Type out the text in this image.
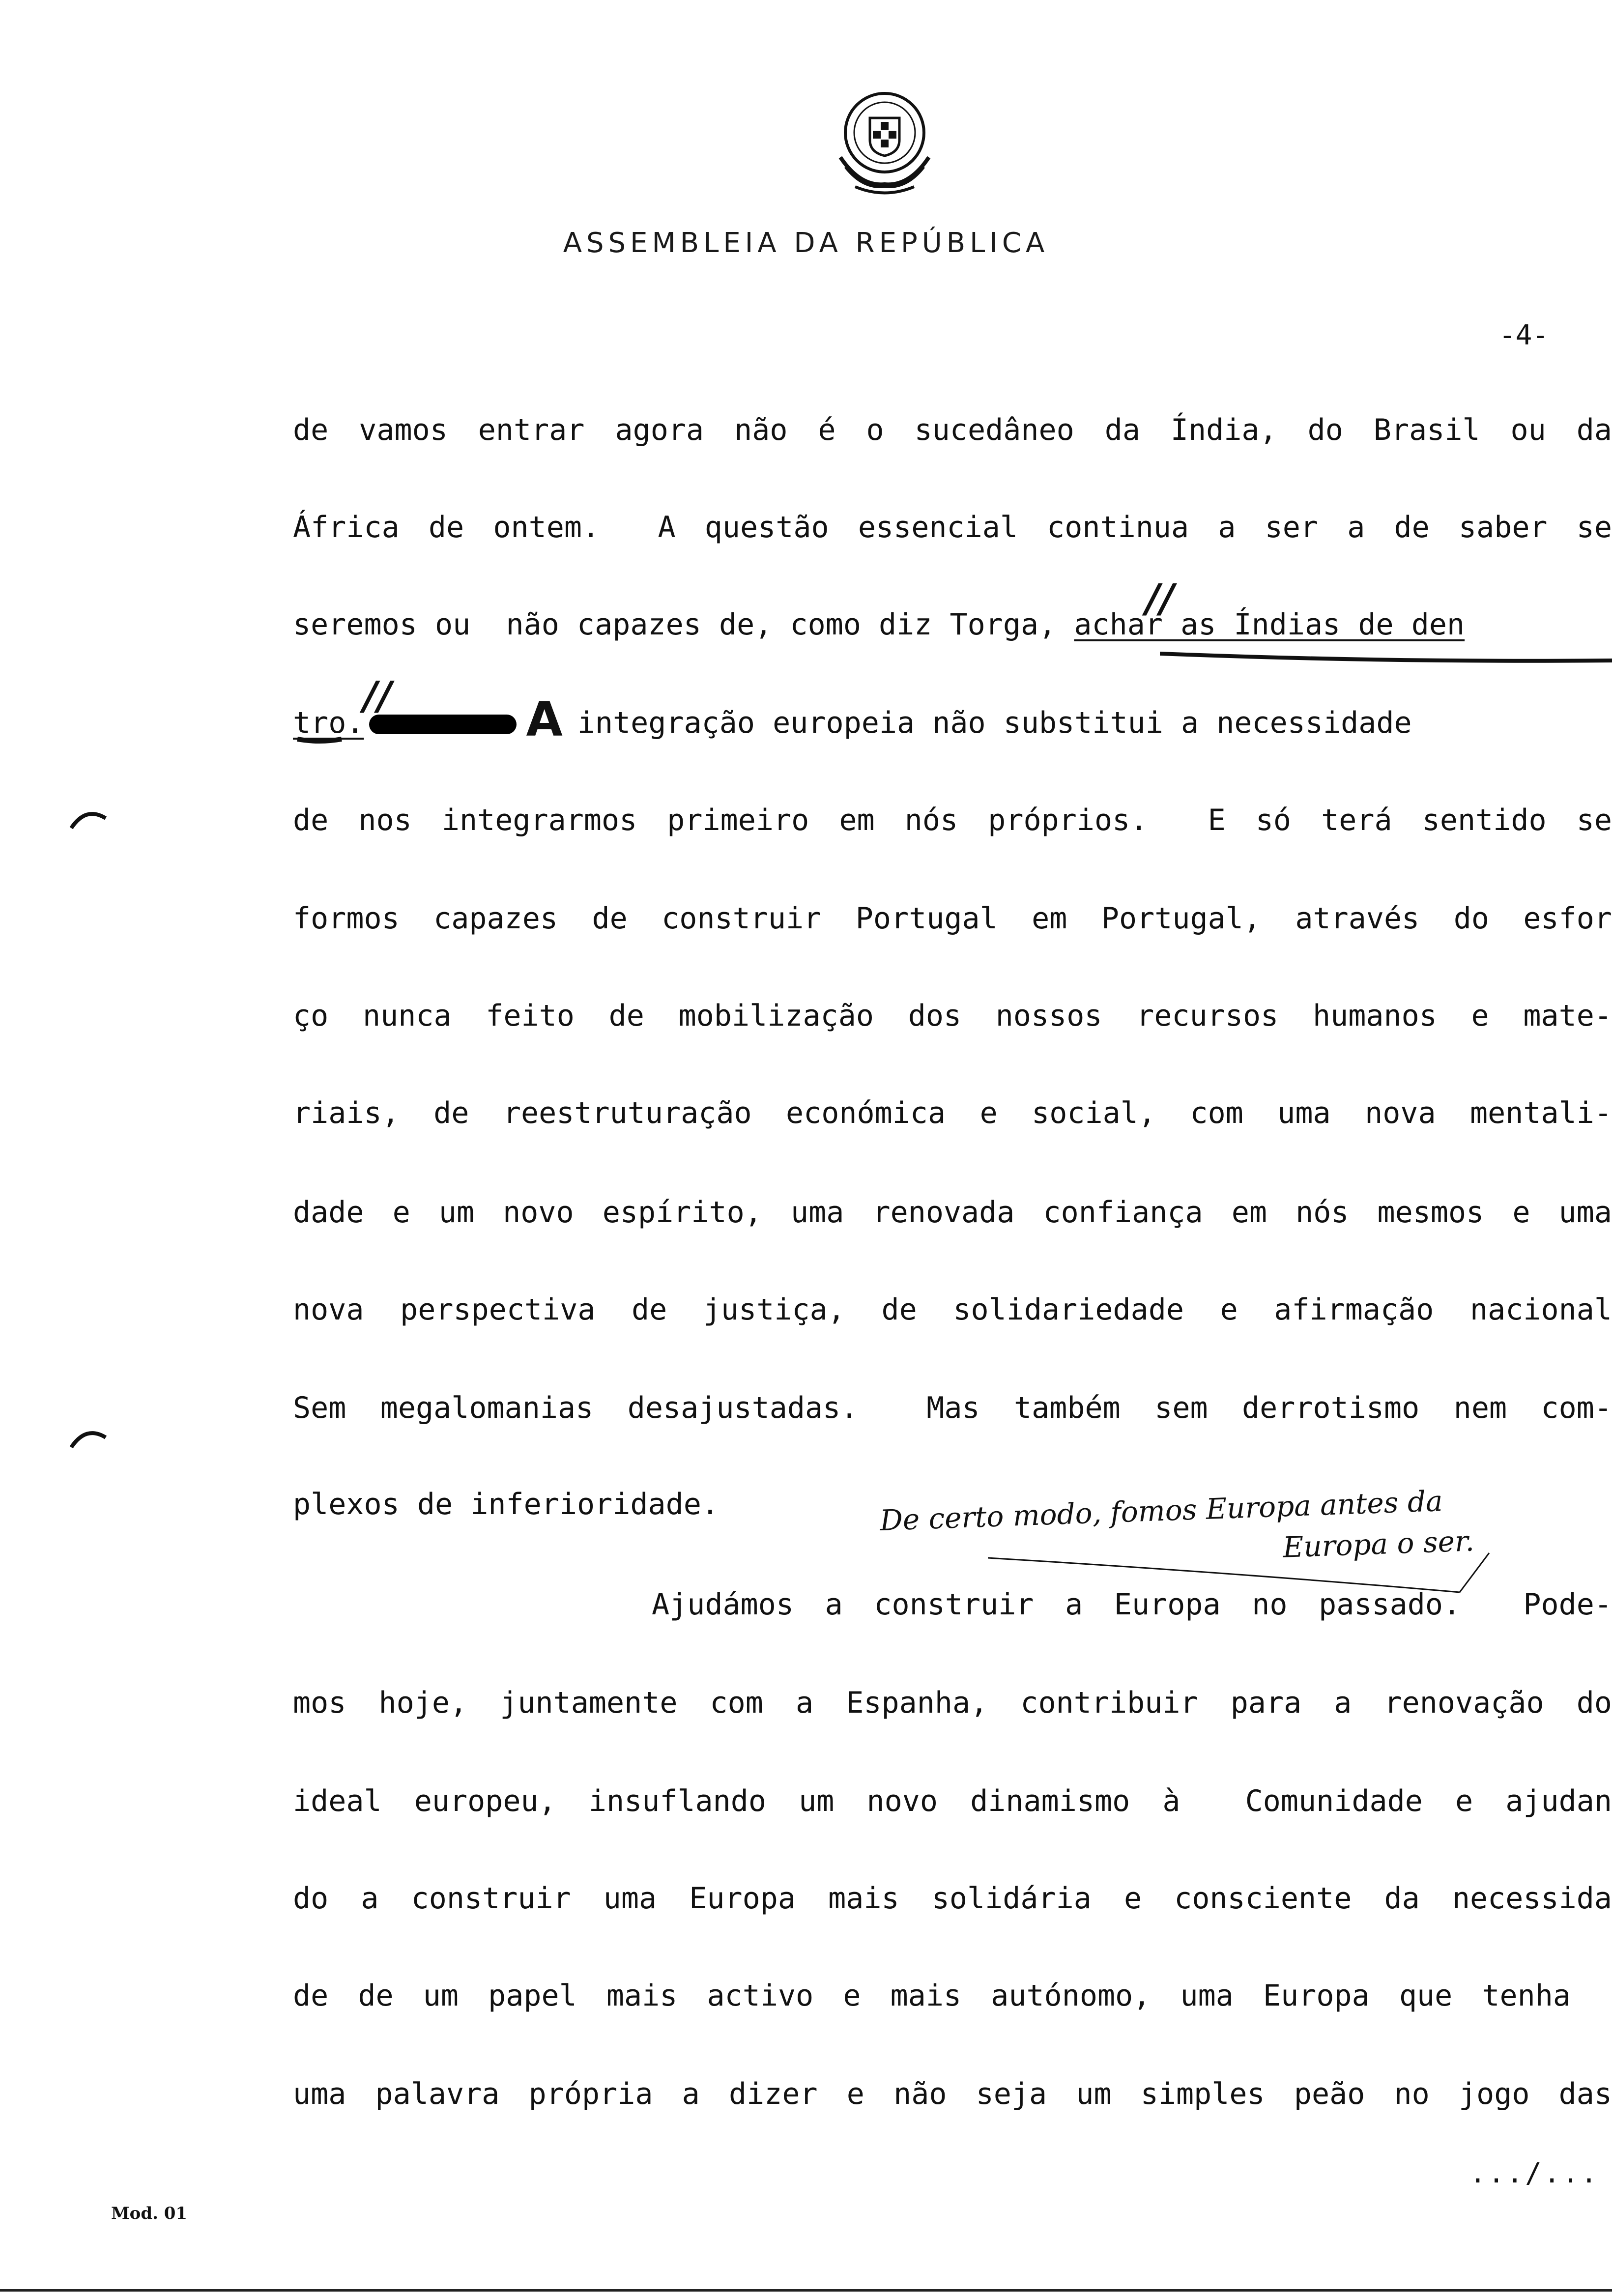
ASSEMBLEIA DA REPÚBLICA
-4-
de vamos entrar agora não é o sucedâneo da Índia, do Brasil ou da
África de ontem.  A questão essencial continua a ser a de saber se
seremos ou  não capazes de, como diz Torga, achar as Índias de den
tro.	A integração europeia não substitui a necessidade
de nos integrarmos primeiro em nós próprios.  E só terá sentido se
formos capazes de construir Portugal em Portugal, através do esfor
ço nunca feito de mobilização dos nossos recursos humanos e mate-
riais, de reestruturação económica e social, com uma nova mentali-
dade e um novo espírito, uma renovada confiança em nós mesmos e uma
nova perspectiva de justiça, de solidariedade e afirmação nacional
Sem megalomanias desajustadas.  Mas também sem derrotismo nem com-
plexos de inferioridade.
Ajudámos a construir a Europa no passado.  Pode-
mos hoje, juntamente com a Espanha, contribuir para a renovação do
ideal europeu, insuflando um novo dinamismo à  Comunidade e ajudan
do a construir uma Europa mais solidária e consciente da necessida
de de um papel mais activo e mais autónomo, uma Europa que tenha
uma palavra própria a dizer e não seja um simples peão no jogo das
//
//
De certo modo, fomos Europa antes da
Europa o ser.
.../...
Mod. 01
